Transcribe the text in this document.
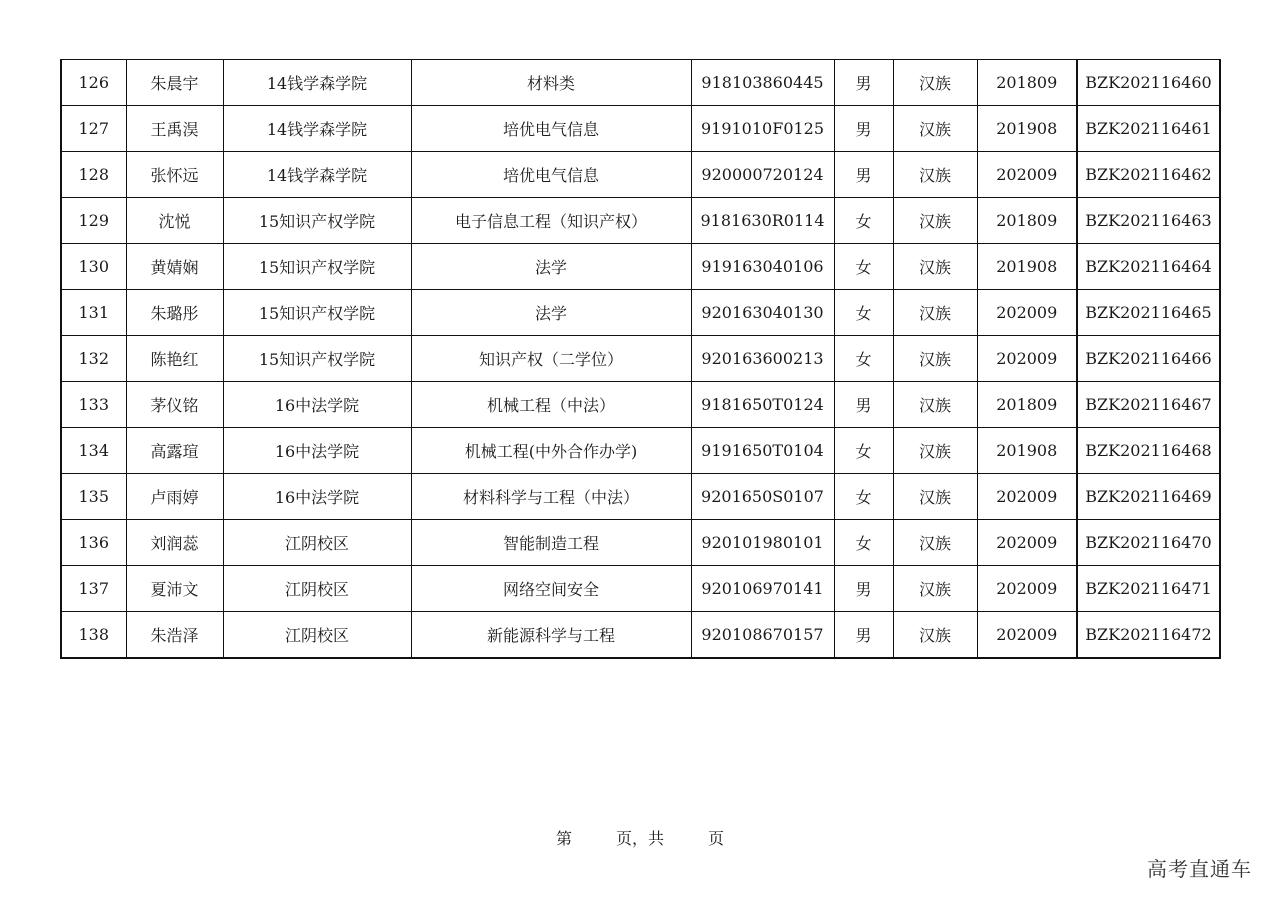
126	朱晨宇	14钱学森学院	材料类	918103860445	男	汉族	201809	BZK202116460
127	王禹淏	14钱学森学院	培优电气信息	9191010F0125	男	汉族	201908	BZK202116461
128	张怀远	14钱学森学院	培优电气信息	920000720124	男	汉族	202009	BZK202116462
129	沈悦	15知识产权学院	电子信息工程（知识产权）	9181630R0114	女	汉族	201809	BZK202116463
130	黄婧娴	15知识产权学院	法学	919163040106	女	汉族	201908	BZK202116464
131	朱璐彤	15知识产权学院	法学	920163040130	女	汉族	202009	BZK202116465
132	陈艳红	15知识产权学院	知识产权（二学位）	920163600213	女	汉族	202009	BZK202116466
133	茅仪铭	16中法学院	机械工程（中法）	9181650T0124	男	汉族	201809	BZK202116467
134	高露瑄	16中法学院	机械工程(中外合作办学)	9191650T0104	女	汉族	201908	BZK202116468
135	卢雨婷	16中法学院	材料科学与工程（中法）	9201650S0107	女	汉族	202009	BZK202116469
136	刘润蕊	江阴校区	智能制造工程	920101980101	女	汉族	202009	BZK202116470
137	夏沛文	江阴校区	网络空间安全	920106970141	男	汉族	202009	BZK202116471
138	朱浩泽	江阴校区	新能源科学与工程	920108670157	男	汉族	202009	BZK202116472
第	页，共	页
高考直通车
